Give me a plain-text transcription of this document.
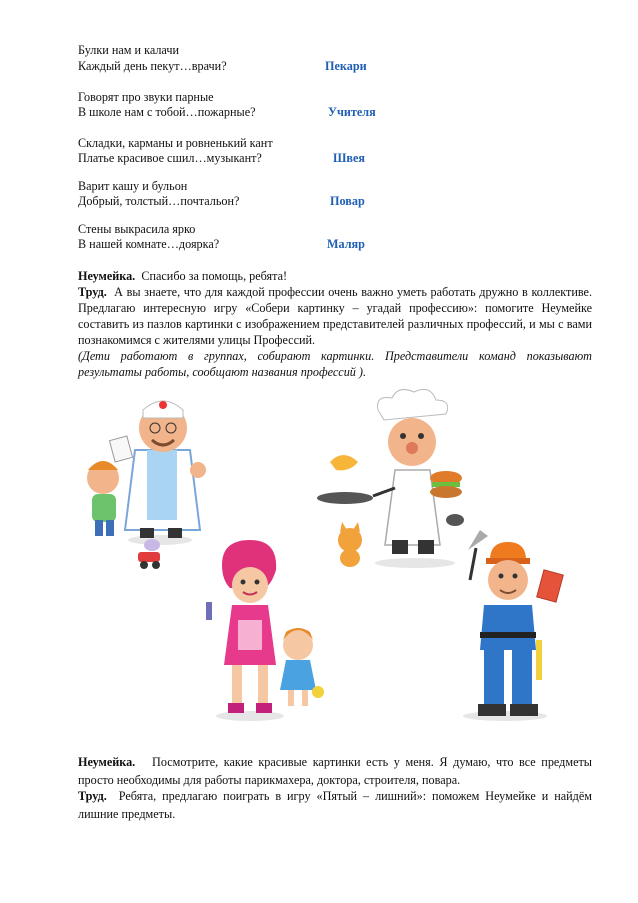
Булки нам и калачи
Каждый день пекут…врачи?	Пекари
Говорят про звуки парные
В школе нам с тобой…пожарные?	Учителя
Складки, карманы и ровненький кант
Платье красивое сшил…музыкант?	Швея
Варит кашу и бульон
Добрый, толстый…почтальон?	Повар
Стены выкрасила ярко
В нашей комнате…доярка?	Маляр
Неумейка. Спасибо за помощь, ребята!
Труд. А вы знаете, что для каждой профессии очень важно уметь работать дружно в коллективе. Предлагаю интересную игру «Собери картинку – угадай профессию»: помогите Неумейке составить из пазлов картинки с изображением представителей различных профессий, и мы с вами познакомимся с жителями улицы Профессий.
(Дети работают в группах, собирают картинки. Представители команд показывают результаты работы, сообщают названия профессий ).
Неумейка. Посмотрите, какие красивые картинки есть у меня. Я думаю, что все предметы просто необходимы для работы парикмахера, доктора, строителя, повара.
Труд. Ребята, предлагаю поиграть в игру «Пятый – лишний»: поможем Неумейке и найдём лишние предметы.
